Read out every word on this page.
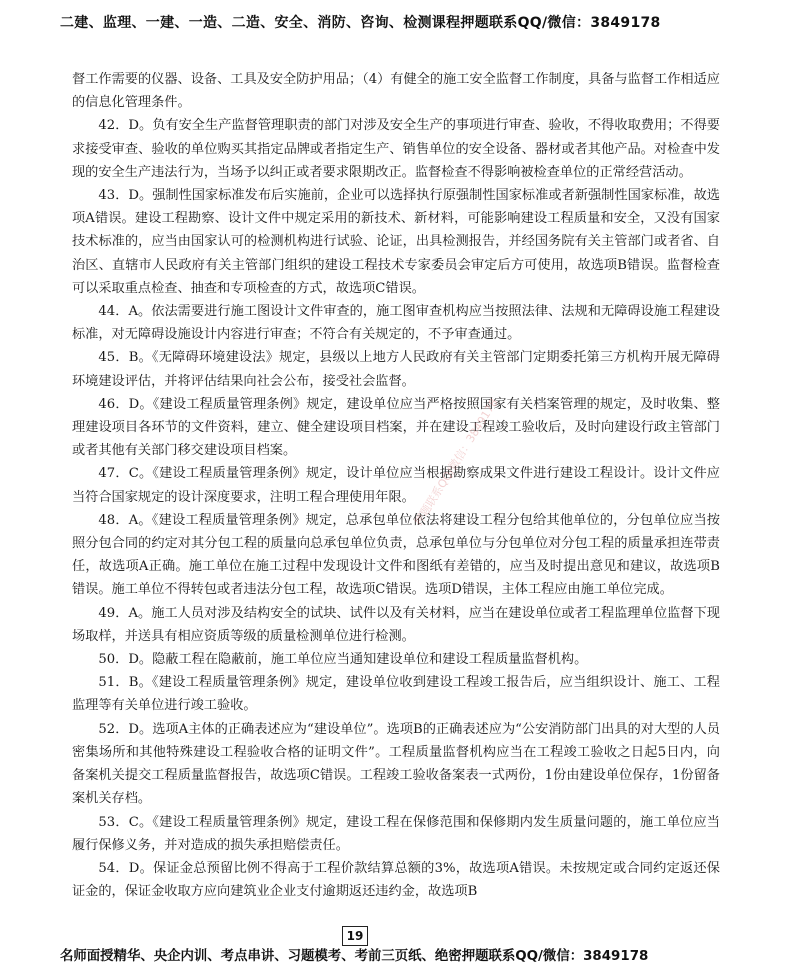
二建、监理、一建、一造、二造、安全、消防、咨询、检测课程押题联系QQ/微信：3849178

督工作需要的仪器、设备、工具及安全防护用品；（4）有健全的施工安全监督工作制度，具备与监督工作相适应的信息化管理条件。

42．D。负有安全生产监督管理职责的部门对涉及安全生产的事项进行审查、验收，不得收取费用；不得要求接受审查、验收的单位购买其指定品牌或者指定生产、销售单位的安全设备、器材或者其他产品。对检查中发现的安全生产违法行为，当场予以纠正或者要求限期改正。监督检查不得影响被检查单位的正常经营活动。

43．D。强制性国家标准发布后实施前，企业可以选择执行原强制性国家标准或者新强制性国家标准，故选项A错误。建设工程勘察、设计文件中规定采用的新技术、新材料，可能影响建设工程质量和安全，又没有国家技术标准的，应当由国家认可的检测机构进行试验、论证，出具检测报告，并经国务院有关主管部门或者省、自治区、直辖市人民政府有关主管部门组织的建设工程技术专家委员会审定后方可使用，故选项B错误。监督检查可以采取重点检查、抽查和专项检查的方式，故选项C错误。

44．A。依法需要进行施工图设计文件审查的，施工图审查机构应当按照法律、法规和无障碍设施工程建设标准，对无障碍设施设计内容进行审查；不符合有关规定的，不予审查通过。

45．B。《无障碍环境建设法》规定，县级以上地方人民政府有关主管部门定期委托第三方机构开展无障碍环境建设评估，并将评估结果向社会公布，接受社会监督。

46．D。《建设工程质量管理条例》规定，建设单位应当严格按照国家有关档案管理的规定，及时收集、整理建设项目各环节的文件资料，建立、健全建设项目档案，并在建设工程竣工验收后，及时向建设行政主管部门或者其他有关部门移交建设项目档案。

47．C。《建设工程质量管理条例》规定，设计单位应当根据勘察成果文件进行建设工程设计。设计文件应当符合国家规定的设计深度要求，注明工程合理使用年限。

48．A。《建设工程质量管理条例》规定，总承包单位依法将建设工程分包给其他单位的，分包单位应当按照分包合同的约定对其分包工程的质量向总承包单位负责，总承包单位与分包单位对分包工程的质量承担连带责任，故选项A正确。施工单位在施工过程中发现设计文件和图纸有差错的，应当及时提出意见和建议，故选项B错误。施工单位不得转包或者违法分包工程，故选项C错误。选项D错误，主体工程应由施工单位完成。

49．A。施工人员对涉及结构安全的试块、试件以及有关材料，应当在建设单位或者工程监理单位监督下现场取样，并送具有相应资质等级的质量检测单位进行检测。

50．D。隐蔽工程在隐蔽前，施工单位应当通知建设单位和建设工程质量监督机构。

51．B。《建设工程质量管理条例》规定，建设单位收到建设工程竣工报告后，应当组织设计、施工、工程监理等有关单位进行竣工验收。

52．D。选项A主体的正确表述应为“建设单位”。选项B的正确表述应为“公安消防部门出具的对大型的人员密集场所和其他特殊建设工程验收合格的证明文件”。工程质量监督机构应当在工程竣工验收之日起5日内，向备案机关提交工程质量监督报告，故选项C错误。工程竣工验收备案表一式两份，1份由建设单位保存，1份留备案机关存档。

53．C。《建设工程质量管理条例》规定，建设工程在保修范围和保修期内发生质量问题的，施工单位应当履行保修义务，并对造成的损失承担赔偿责任。

54．D。保证金总预留比例不得高于工程价款结算总额的3%，故选项A错误。未按规定或合同约定返还保证金的，保证金收取方应向建筑业企业支付逾期返还违约金，故选项B

押题联系QQ/微信：3849178
19
名师面授精华、央企内训、考点串讲、习题模考、考前三页纸、绝密押题联系QQ/微信：3849178
